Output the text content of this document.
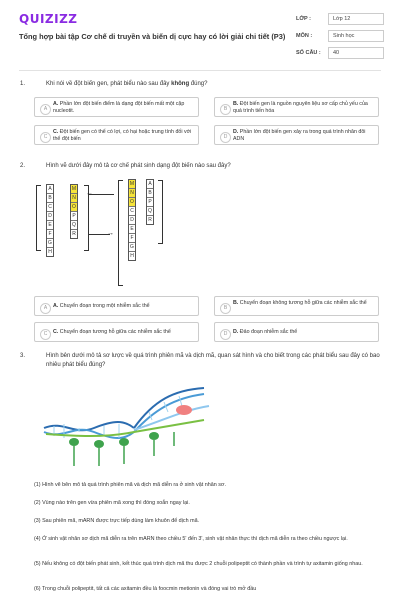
QUIZIZZ
Tổng hợp bài tập Cơ chế di truyền và biến dị cực hay có lời giải chi tiết (P3)
LỚP :	Lớp 12
MÔN :	Sinh học
SỐ CÂU : 40
1.	Khi nói về đột biến gen, phát biểu nào sau đây không đúng?
A
A. Phần lớn đột biến điểm là dạng đột biến mất một cặp nucleotit.	B
B. Đột biến gen là nguồn nguyên liệu sơ cấp chủ yếu của quá trình tiến hóa
C
C. Đột biến gen có thể có lợi, có hại hoặc trung tính đối với thể đột biến	D
D. Phần lớn đột biến gen xảy ra trong quá trình nhân đôi ADN
2.	Hình vẽ dưới đây mô tả cơ chế phát sinh dạng đột biến nào sau đây?
A
B
C
D
E
F
G
H
M
N
O
P
Q
R
←
→
M
N
O
C
D
E
F
G
H
A
B
P
Q
R
A	A. Chuyển đoạn trong một nhiễm sắc thể	B
B. Chuyển đoạn không tương hỗ giữa các nhiễm sắc thể
C	C. Chuyển đoạn tương hỗ giữa các nhiễm sắc thể	D	D. Đảo đoạn nhiễm sắc thể
3.	Hình bên dưới mô tả sơ lược về quá trình phiên mã và dịch mã, quan sát hình và cho biết trong các phát biểu sau đây có bao nhiêu phát biểu đúng?
(1) Hình vẽ bên mô tả quá trình phiên mã và dịch mã diễn ra ở sinh vật nhân sơ.
(2) Vùng nào trên gen vừa phiên mã xong thì đóng xoắn ngay lại.
(3) Sau phiên mã, mARN được trực tiếp dùng làm khuôn để dịch mã.
(4) Ở sinh vật nhân sơ dịch mã diễn ra trên mARN theo chiều 5' đến 3', sinh vật nhân thực thì dịch mã diễn ra theo chiều ngược lại.
(5) Nếu không có đột biến phát sinh, kết thúc quá trình dịch mã thu được 2 chuỗi polipeptit có thành phần và trình tự axitamin giống nhau.
(6) Trong chuỗi polipeptit, tất cả các axitamin đều là foocmin metionin và đóng vai trò mở đầu
